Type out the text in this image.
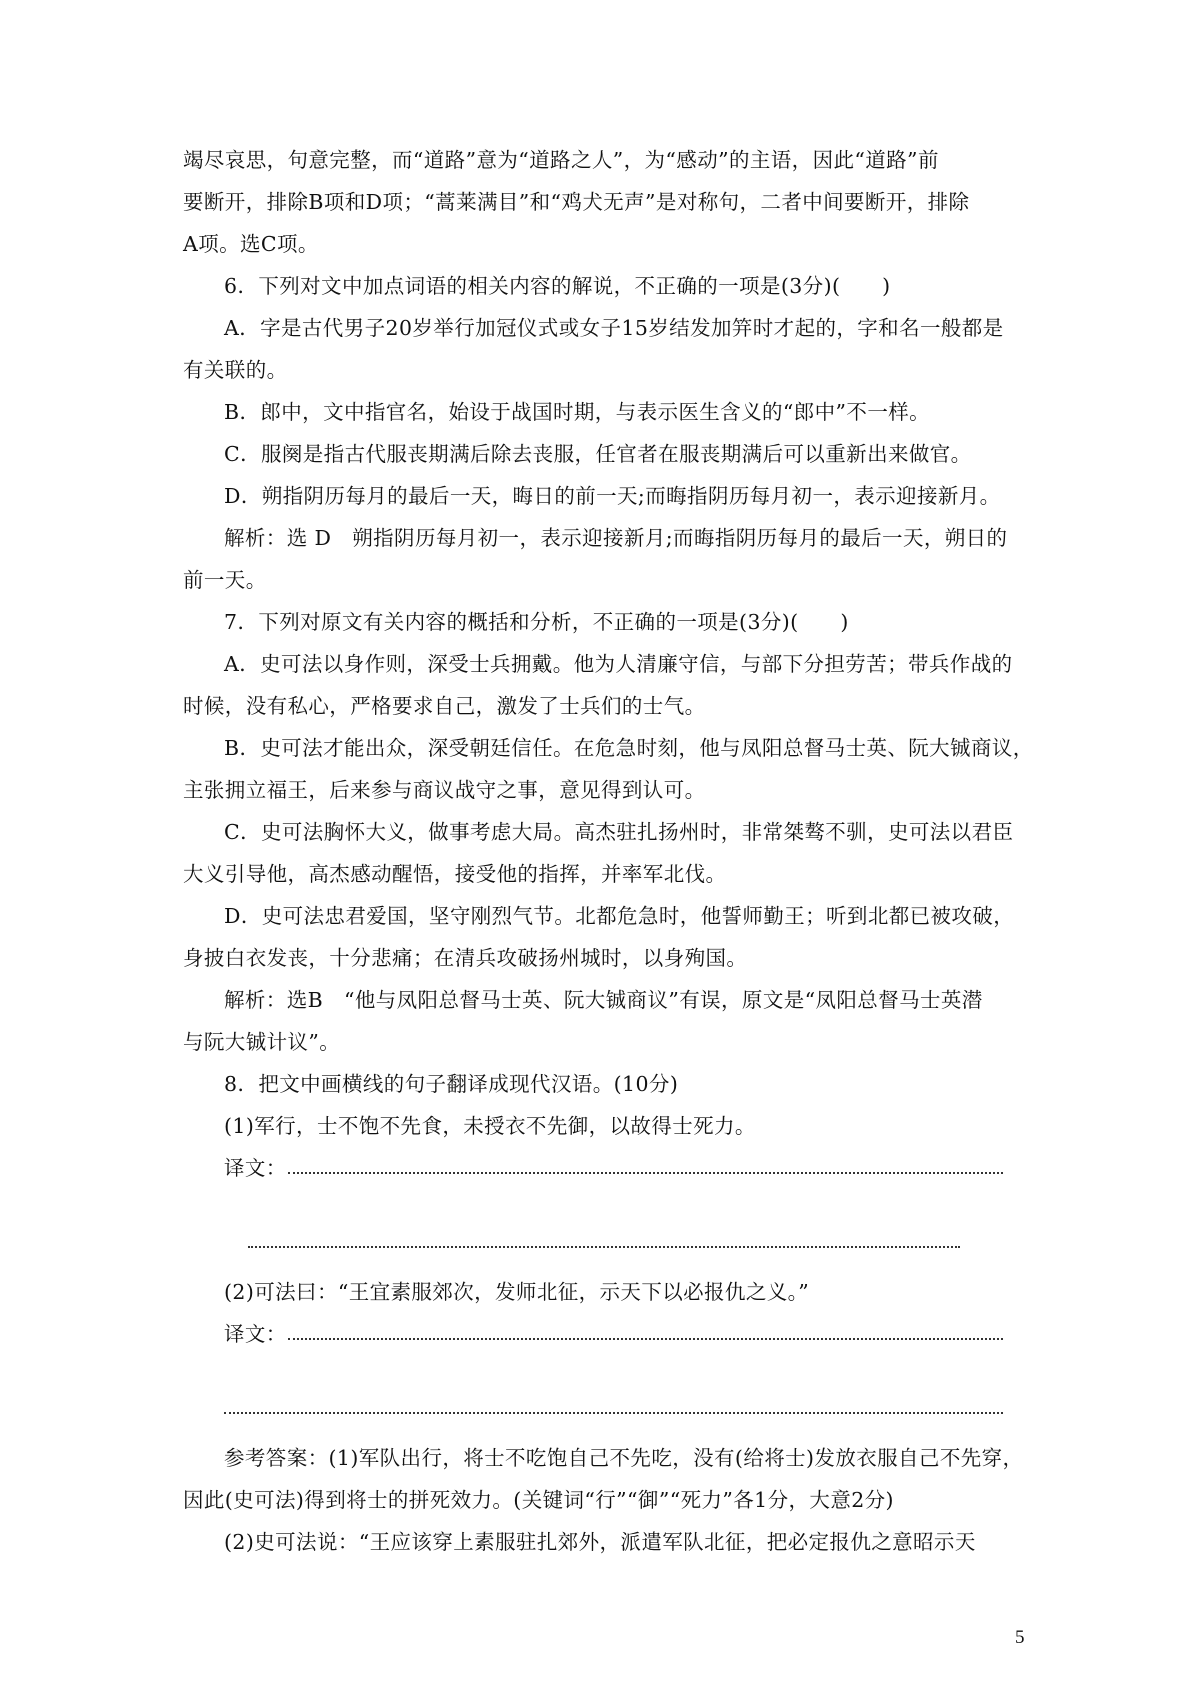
竭尽哀思，句意完整，而“道路”意为“道路之人”，为“感动”的主语，因此“道路”前
要断开，排除B项和D项；“蒿莱满目”和“鸡犬无声”是对称句，二者中间要断开，排除
A项。选C项。
6．下列对文中加点词语的相关内容的解说，不正确的一项是(3分)(　　)
A．字是古代男子20岁举行加冠仪式或女子15岁结发加笄时才起的，字和名一般都是
有关联的。
B．郎中，文中指官名，始设于战国时期，与表示医生含义的“郎中”不一样。
C．服阕是指古代服丧期满后除去丧服，任官者在服丧期满后可以重新出来做官。
D．朔指阴历每月的最后一天，晦日的前一天;而晦指阴历每月初一，表示迎接新月。
解析：选 D　朔指阴历每月初一，表示迎接新月;而晦指阴历每月的最后一天，朔日的
前一天。
7．下列对原文有关内容的概括和分析，不正确的一项是(3分)(　　)
A．史可法以身作则，深受士兵拥戴。他为人清廉守信，与部下分担劳苦；带兵作战的
时候，没有私心，严格要求自己，激发了士兵们的士气。
B．史可法才能出众，深受朝廷信任。在危急时刻，他与凤阳总督马士英、阮大铖商议，
主张拥立福王，后来参与商议战守之事，意见得到认可。
C．史可法胸怀大义，做事考虑大局。高杰驻扎扬州时，非常桀骜不驯，史可法以君臣
大义引导他，高杰感动醒悟，接受他的指挥，并率军北伐。
D．史可法忠君爱国，坚守刚烈气节。北都危急时，他誓师勤王；听到北都已被攻破，
身披白衣发丧，十分悲痛；在清兵攻破扬州城时，以身殉国。
解析：选B　“他与凤阳总督马士英、阮大铖商议”有误，原文是“凤阳总督马士英潜
与阮大铖计议”。
8．把文中画横线的句子翻译成现代汉语。(10分)
(1)军行，士不饱不先食，未授衣不先御，以故得士死力。
译文：
(2)可法曰：“王宜素服郊次，发师北征，示天下以必报仇之义。”
译文：
参考答案：(1)军队出行，将士不吃饱自己不先吃，没有(给将士)发放衣服自己不先穿，
因此(史可法)得到将士的拼死效力。(关键词“行”“御”“死力”各1分，大意2分)
(2)史可法说：“王应该穿上素服驻扎郊外，派遣军队北征，把必定报仇之意昭示天
5
